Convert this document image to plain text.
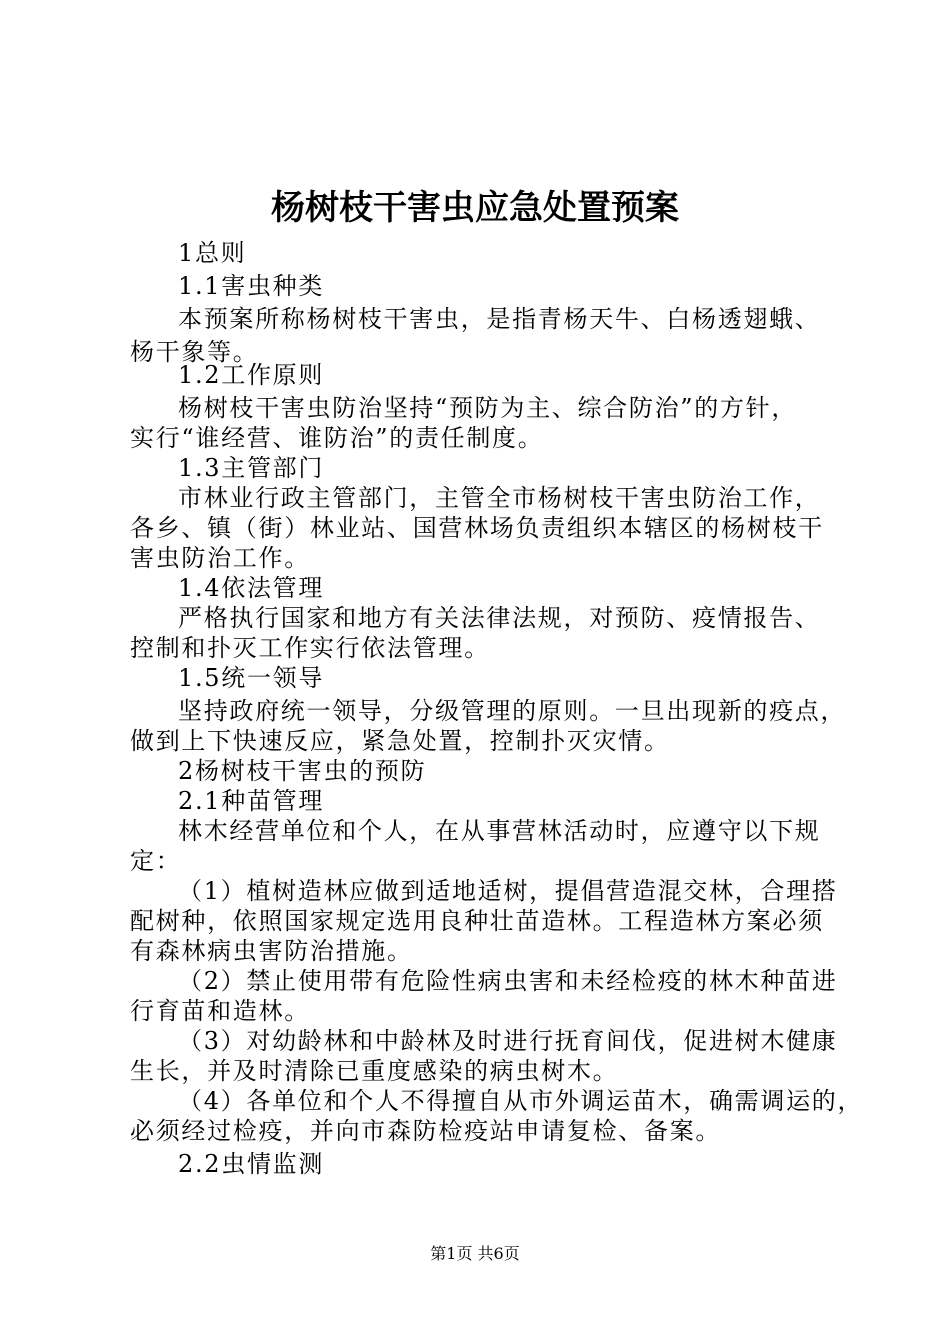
杨树枝干害虫应急处置预案
1总则
1.1害虫种类
本预案所称杨树枝干害虫，是指青杨天牛、白杨透翅蛾、
杨干象等。
1.2工作原则
杨树枝干害虫防治坚持“预防为主、综合防治”的方针，
实行“谁经营、谁防治”的责任制度。
1.3主管部门
市林业行政主管部门，主管全市杨树枝干害虫防治工作，
各乡、镇（街）林业站、国营林场负责组织本辖区的杨树枝干
害虫防治工作。
1.4依法管理
严格执行国家和地方有关法律法规，对预防、疫情报告、
控制和扑灭工作实行依法管理。
1.5统一领导
坚持政府统一领导，分级管理的原则。一旦出现新的疫点，
做到上下快速反应，紧急处置，控制扑灭灾情。
2杨树枝干害虫的预防
2.1种苗管理
林木经营单位和个人，在从事营林活动时，应遵守以下规
定：
（1）植树造林应做到适地适树，提倡营造混交林，合理搭
配树种，依照国家规定选用良种壮苗造林。工程造林方案必须
有森林病虫害防治措施。
（2）禁止使用带有危险性病虫害和未经检疫的林木种苗进
行育苗和造林。
（3）对幼龄林和中龄林及时进行抚育间伐，促进树木健康
生长，并及时清除已重度感染的病虫树木。
（4）各单位和个人不得擅自从市外调运苗木，确需调运的，
必须经过检疫，并向市森防检疫站申请复检、备案。
2.2虫情监测
第1页 共6页
